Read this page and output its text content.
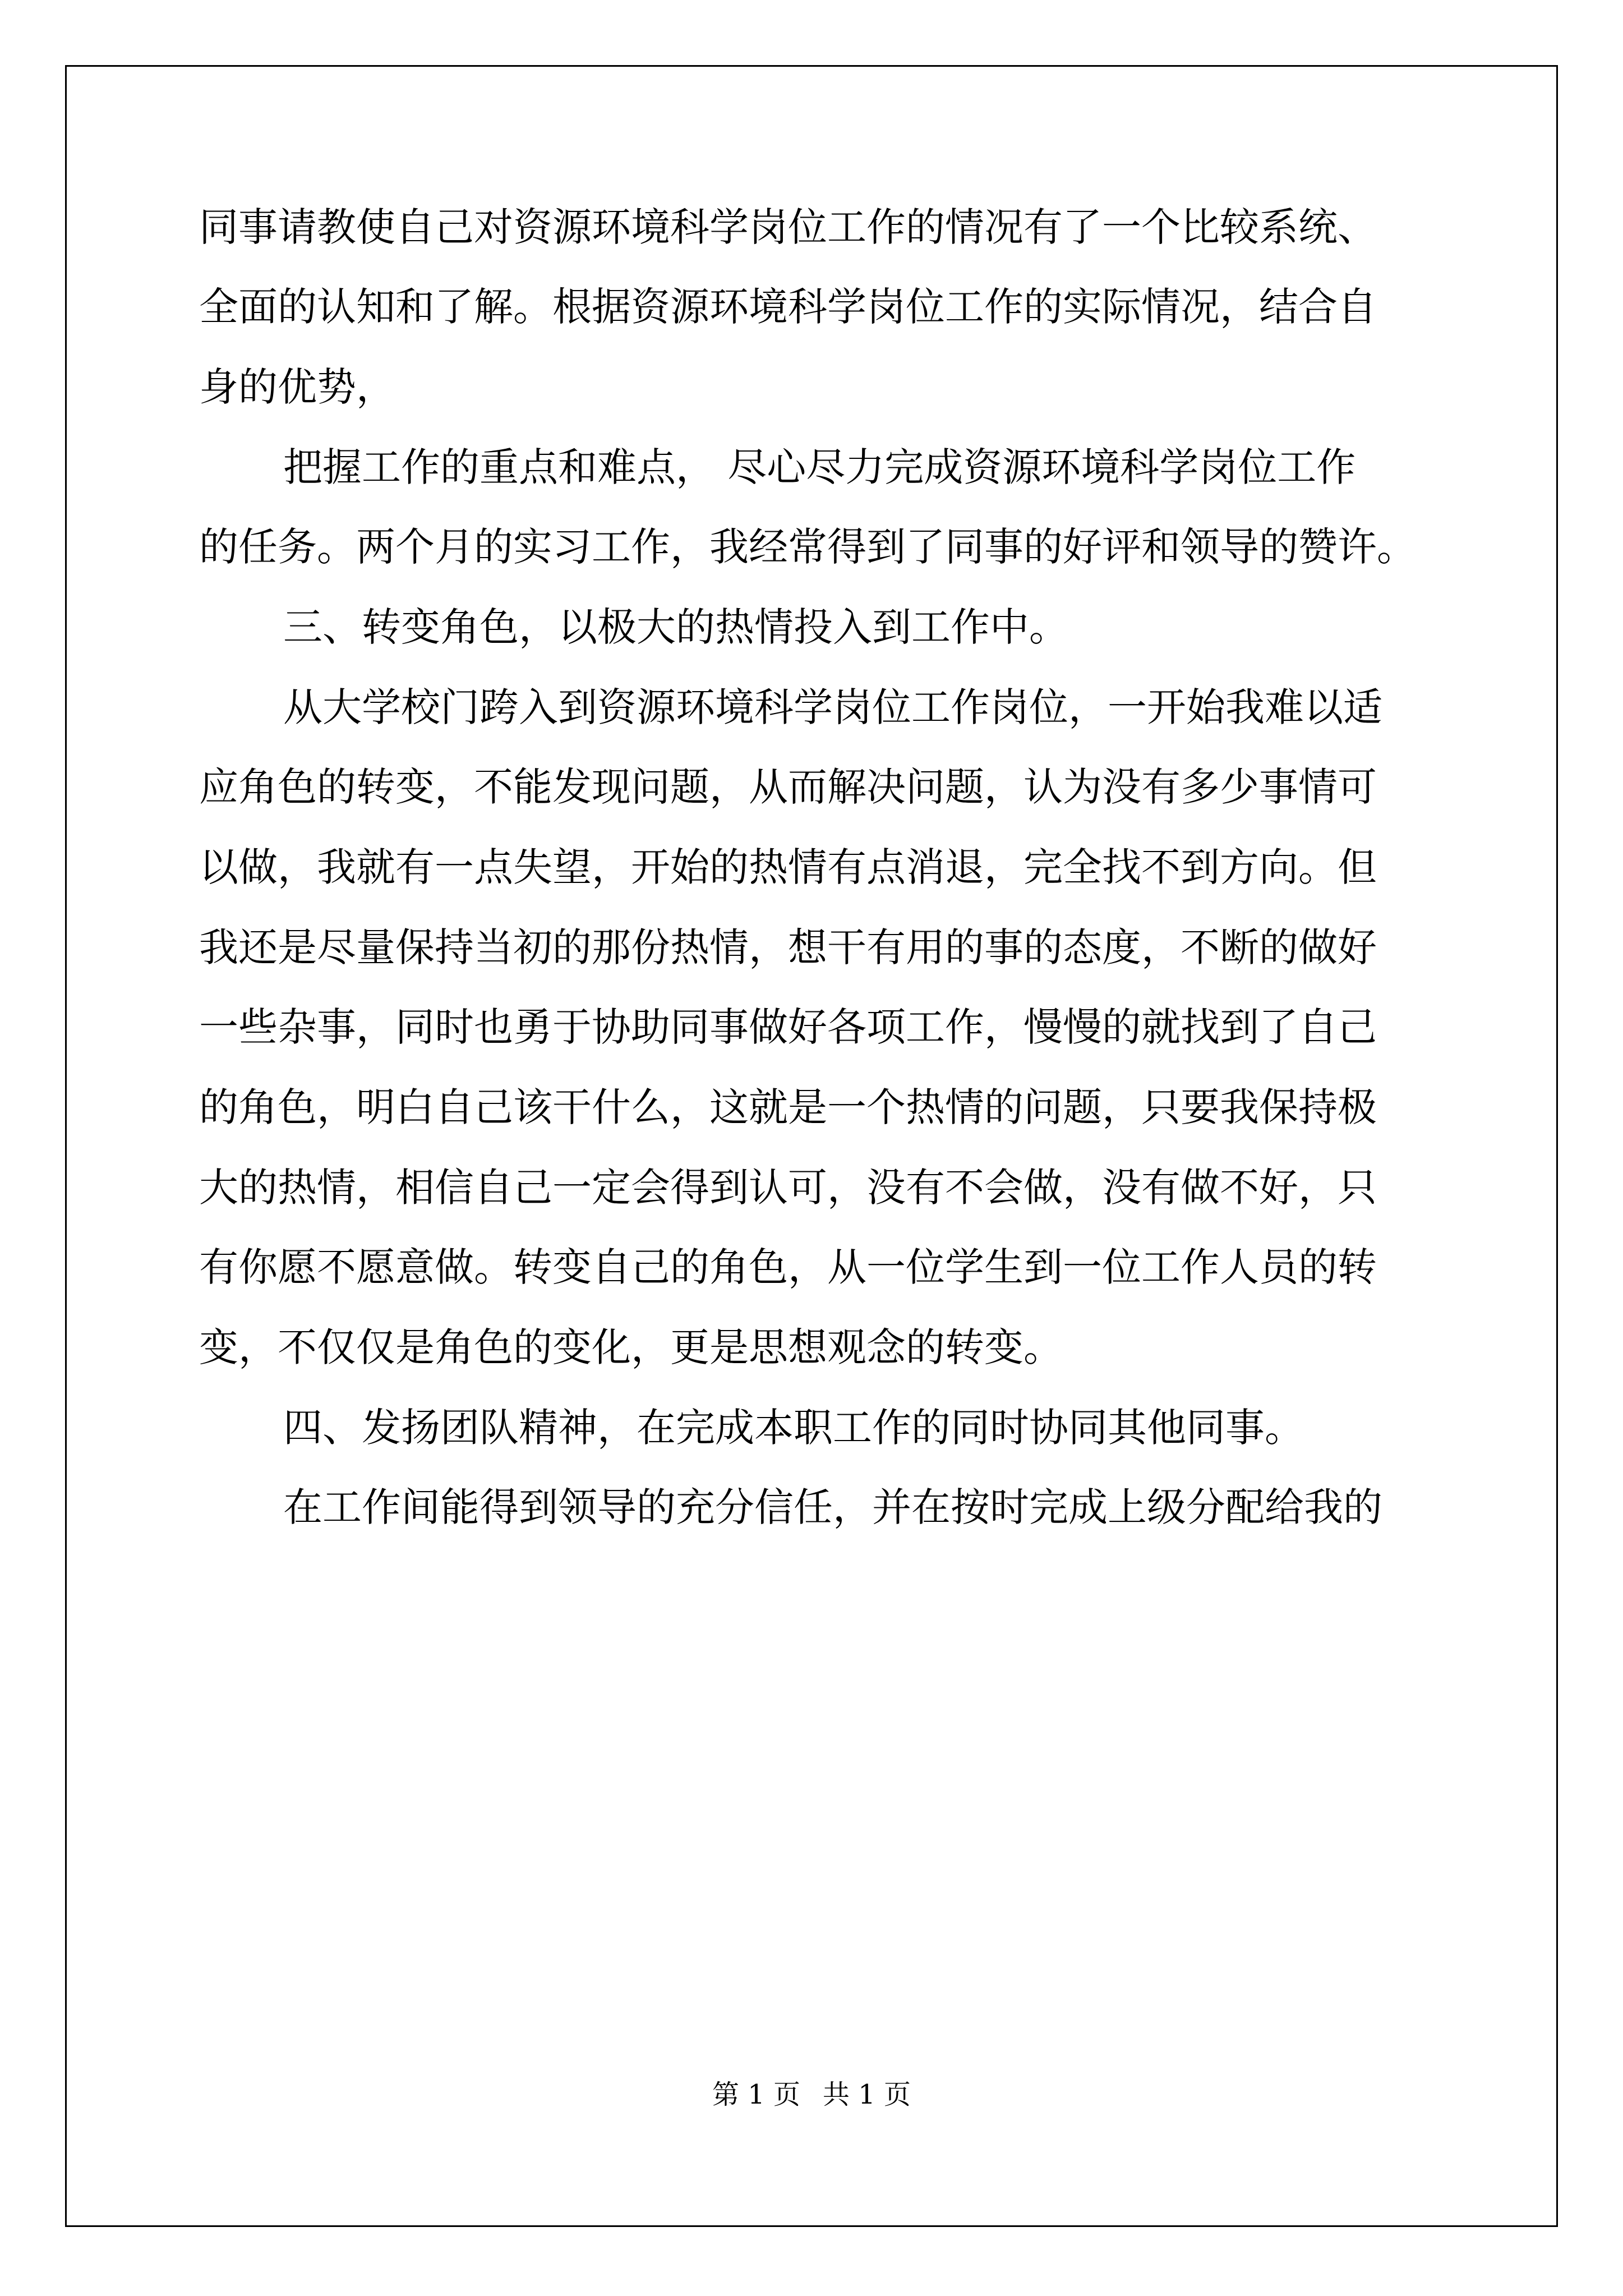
同事请教使自己对资源环境科学岗位工作的情况有了一个比较系统、
全面的认知和了解。根据资源环境科学岗位工作的实际情况，结合自
身的优势，
把握工作的重点和难点， 尽心尽力完成资源环境科学岗位工作
的任务。两个月的实习工作，我经常得到了同事的好评和领导的赞许。
三、转变角色，以极大的热情投入到工作中。
从大学校门跨入到资源环境科学岗位工作岗位，一开始我难以适
应角色的转变，不能发现问题，从而解决问题，认为没有多少事情可
以做，我就有一点失望，开始的热情有点消退，完全找不到方向。但
我还是尽量保持当初的那份热情，想干有用的事的态度，不断的做好
一些杂事，同时也勇于协助同事做好各项工作，慢慢的就找到了自己
的角色，明白自己该干什么，这就是一个热情的问题，只要我保持极
大的热情，相信自己一定会得到认可，没有不会做，没有做不好，只
有你愿不愿意做。转变自己的角色，从一位学生到一位工作人员的转
变，不仅仅是角色的变化，更是思想观念的转变。
四、发扬团队精神，在完成本职工作的同时协同其他同事。
在工作间能得到领导的充分信任，并在按时完成上级分配给我的
第 1 页 共 1 页
